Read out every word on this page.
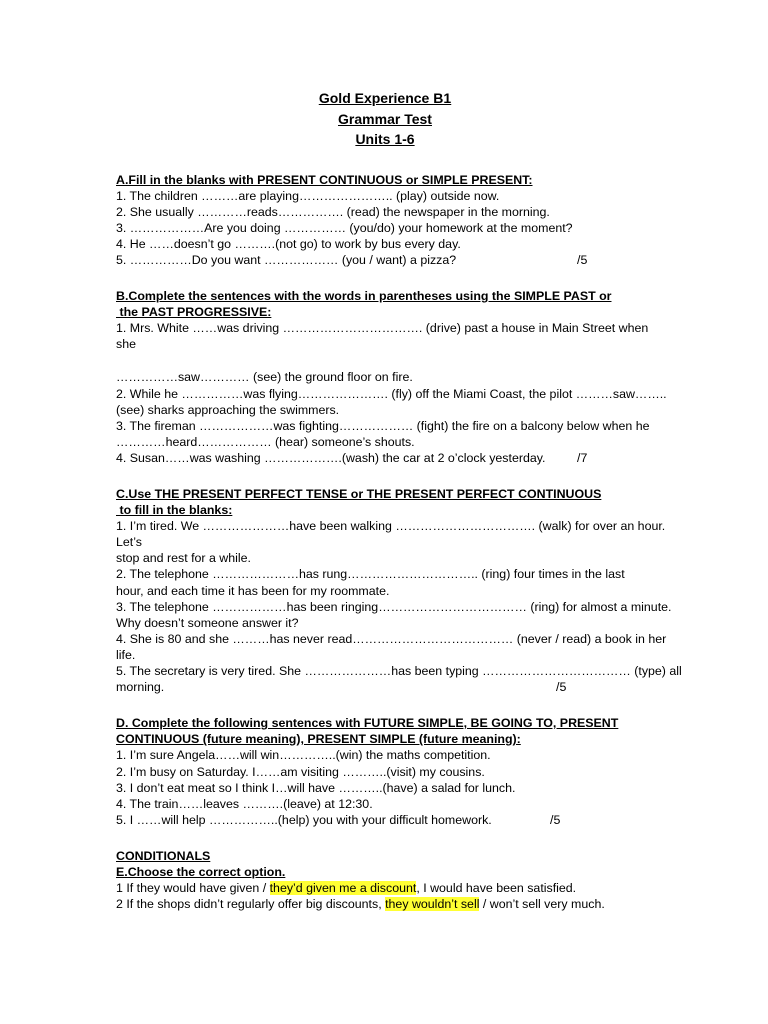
Gold Experience B1
Grammar Test
Units 1-6
A.Fill in the blanks with PRESENT CONTINUOUS or SIMPLE PRESENT:
1. The children ………are playing………………….. (play) outside now.
2. She usually …………reads……………. (read) the newspaper in the morning.
3. ………………Are you doing …………… (you/do) your homework at the moment?
4. He ……doesn’t go ……….(not go) to work by bus every day.
5. ……………Do you want ……………… (you / want) a pizza?	/5
B.Complete the sentences with the words in parentheses using the SIMPLE PAST or
the PAST PROGRESSIVE:
1. Mrs. White ……was driving ……………………………. (drive) past a house in Main Street when
she
……………saw………… (see) the ground floor on fire.
2. While he ……………was flying…………………. (fly) off the Miami Coast, the pilot ………saw……..
(see) sharks approaching the swimmers.
3. The fireman ………………was fighting……………… (fight) the fire on a balcony below when he
…………heard……………… (hear) someone’s shouts.
4. Susan……was washing ……………….(wash) the car at 2 o’clock yesterday.	/7
C.Use THE PRESENT PERFECT TENSE or THE PRESENT PERFECT CONTINUOUS
to fill in the blanks:
1. I’m tired. We …………………have been walking ……………………………. (walk) for over an hour.
Let’s
stop and rest for a while.
2. The telephone …………………has rung………………………….. (ring) four times in the last
hour, and each time it has been for my roommate.
3. The telephone ………………has been ringing……………………………… (ring) for almost a minute.
Why doesn’t someone answer it?
4. She is 80 and she ………has never read………………………………… (never / read) a book in her
life.
5. The secretary is very tired. She …………………has been typing ……………………………… (type) all
morning.	/5
D. Complete the following sentences with FUTURE SIMPLE, BE GOING TO, PRESENT
CONTINUOUS (future meaning), PRESENT SIMPLE (future meaning):
1. I’m sure Angela……will win…………..(win) the maths competition.
2. I’m busy on Saturday. I……am visiting ………..(visit) my cousins.
3. I don’t eat meat so I think I…will have ………..(have) a salad for lunch.
4. The train……leaves ……….(leave) at 12:30.
5. I ……will help ……………..(help) you with your difficult homework.	/5
CONDITIONALS
E.Choose the correct option.
1 If they would have given / they’d given me a discount, I would have been satisfied.
2 If the shops didn’t regularly offer big discounts, they wouldn’t sell / won’t sell very much.
